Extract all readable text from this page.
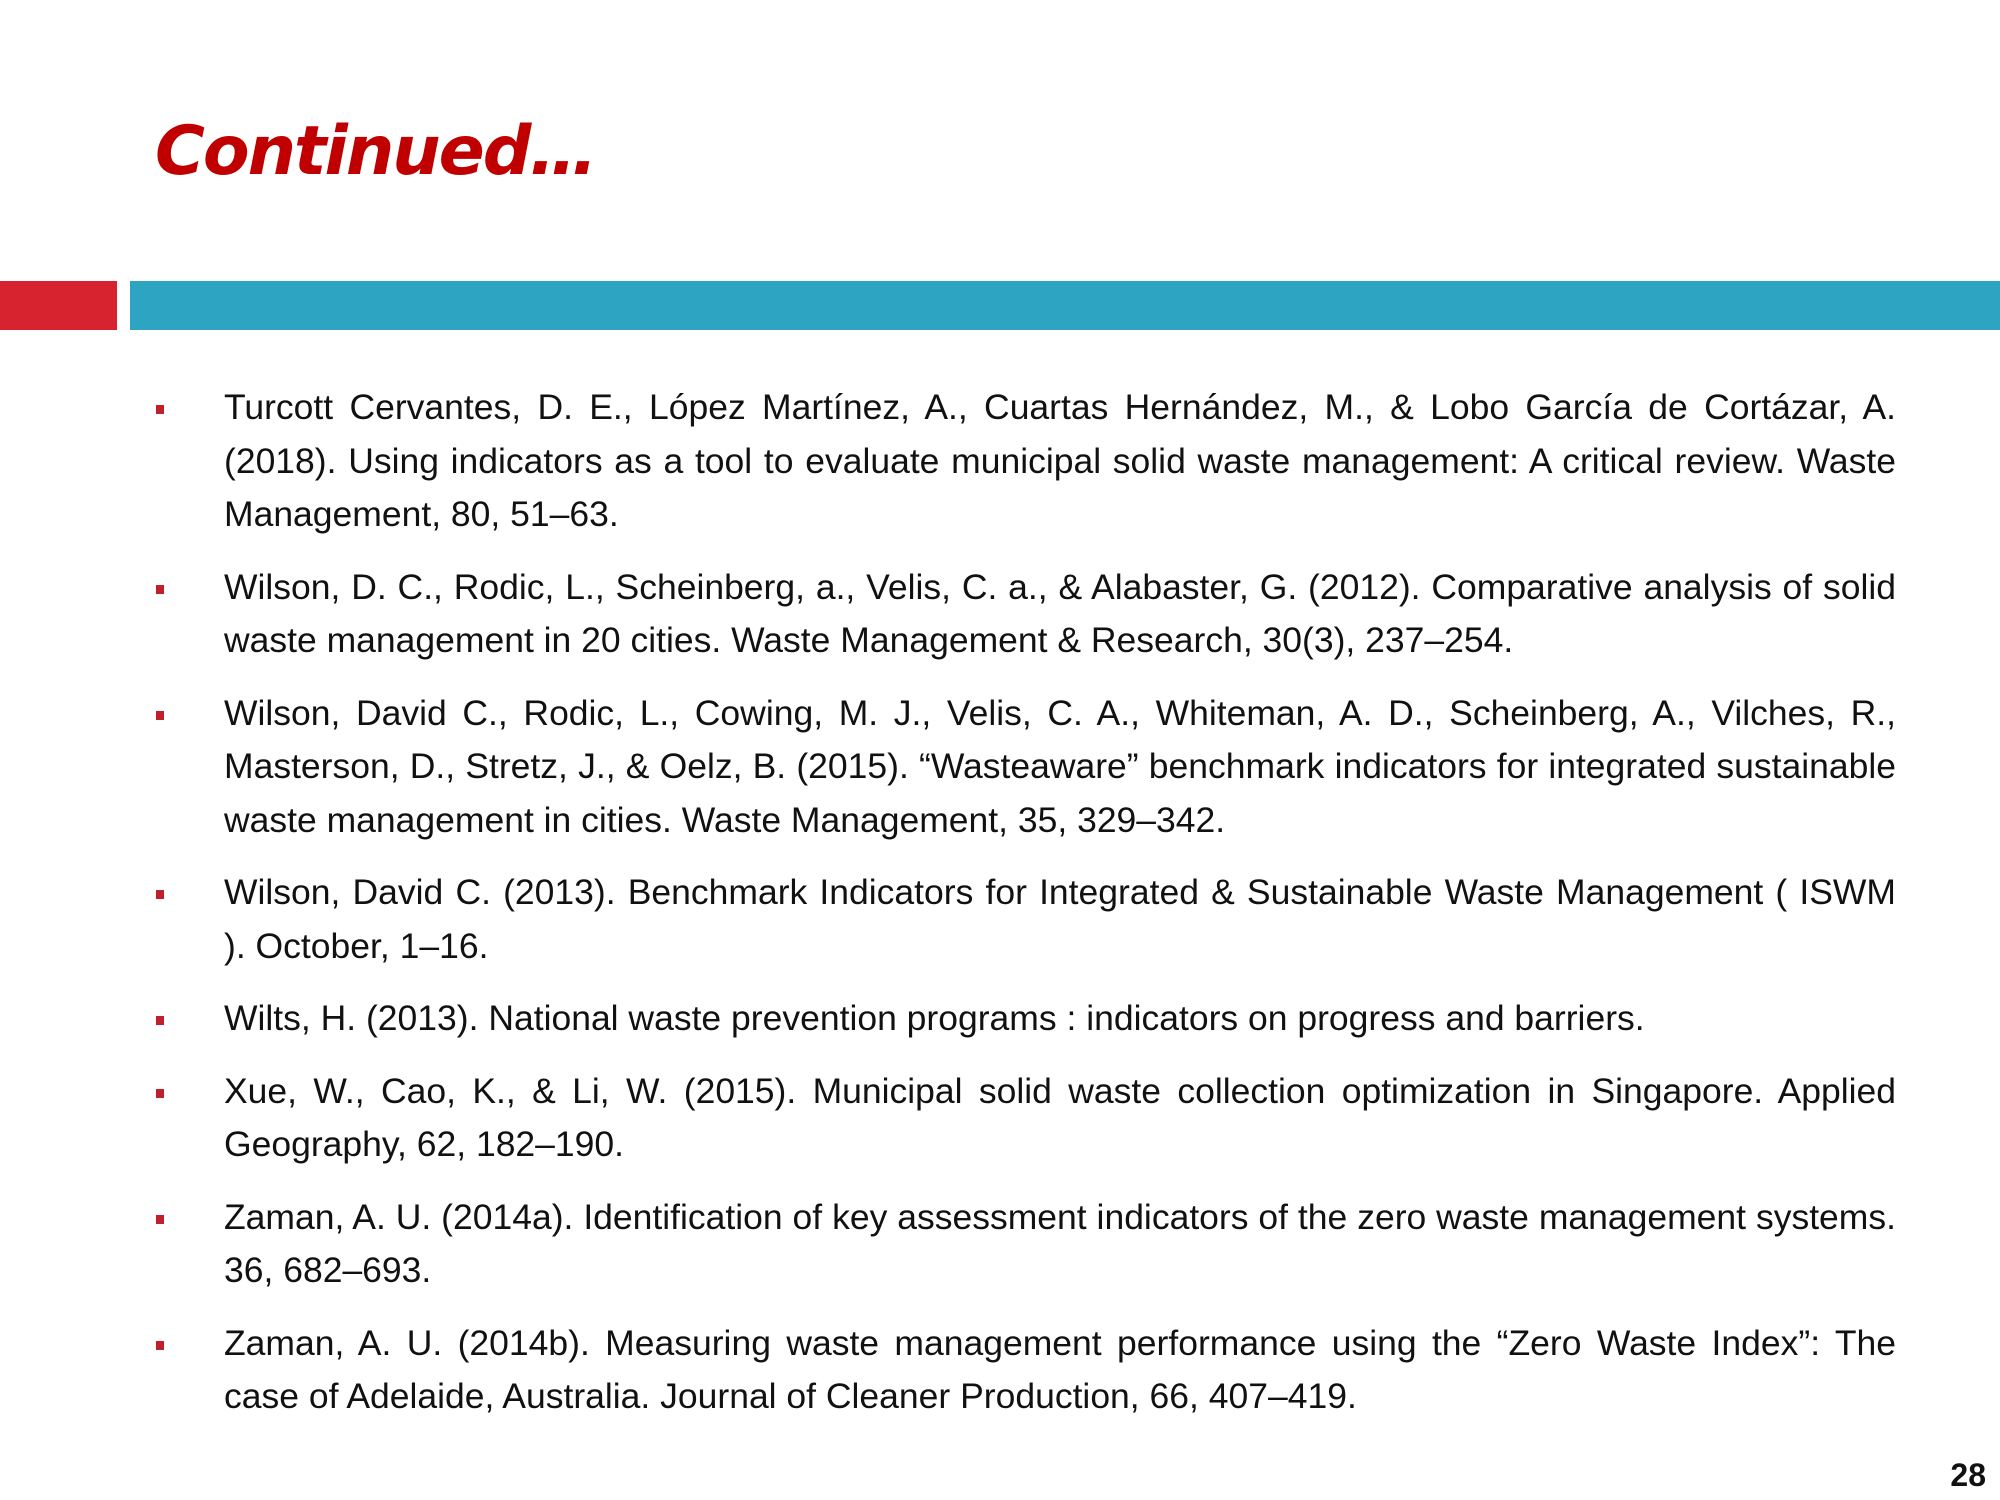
Continued…
Turcott Cervantes, D. E., López Martínez, A., Cuartas Hernández, M., & Lobo García de Cortázar, A. (2018). Using indicators as a tool to evaluate municipal solid waste management: A critical review. Waste Management, 80, 51–63.
Wilson, D. C., Rodic, L., Scheinberg, a., Velis, C. a., & Alabaster, G. (2012). Comparative analysis of solid waste management in 20 cities. Waste Management & Research, 30(3), 237–254.
Wilson, David C., Rodic, L., Cowing, M. J., Velis, C. A., Whiteman, A. D., Scheinberg, A., Vilches, R., Masterson, D., Stretz, J., & Oelz, B. (2015). “Wasteaware” benchmark indicators for integrated sustainable waste management in cities. Waste Management, 35, 329–342.
Wilson, David C. (2013). Benchmark Indicators for Integrated & Sustainable Waste Management ( ISWM ). October, 1–16.
Wilts, H. (2013). National waste prevention programs : indicators on progress and barriers.
Xue, W., Cao, K., & Li, W. (2015). Municipal solid waste collection optimization in Singapore. Applied Geography, 62, 182–190.
Zaman, A. U. (2014a). Identification of key assessment indicators of the zero waste management systems. 36, 682–693.
Zaman, A. U. (2014b). Measuring waste management performance using the “Zero Waste Index”: The case of Adelaide, Australia. Journal of Cleaner Production, 66, 407–419.
28
